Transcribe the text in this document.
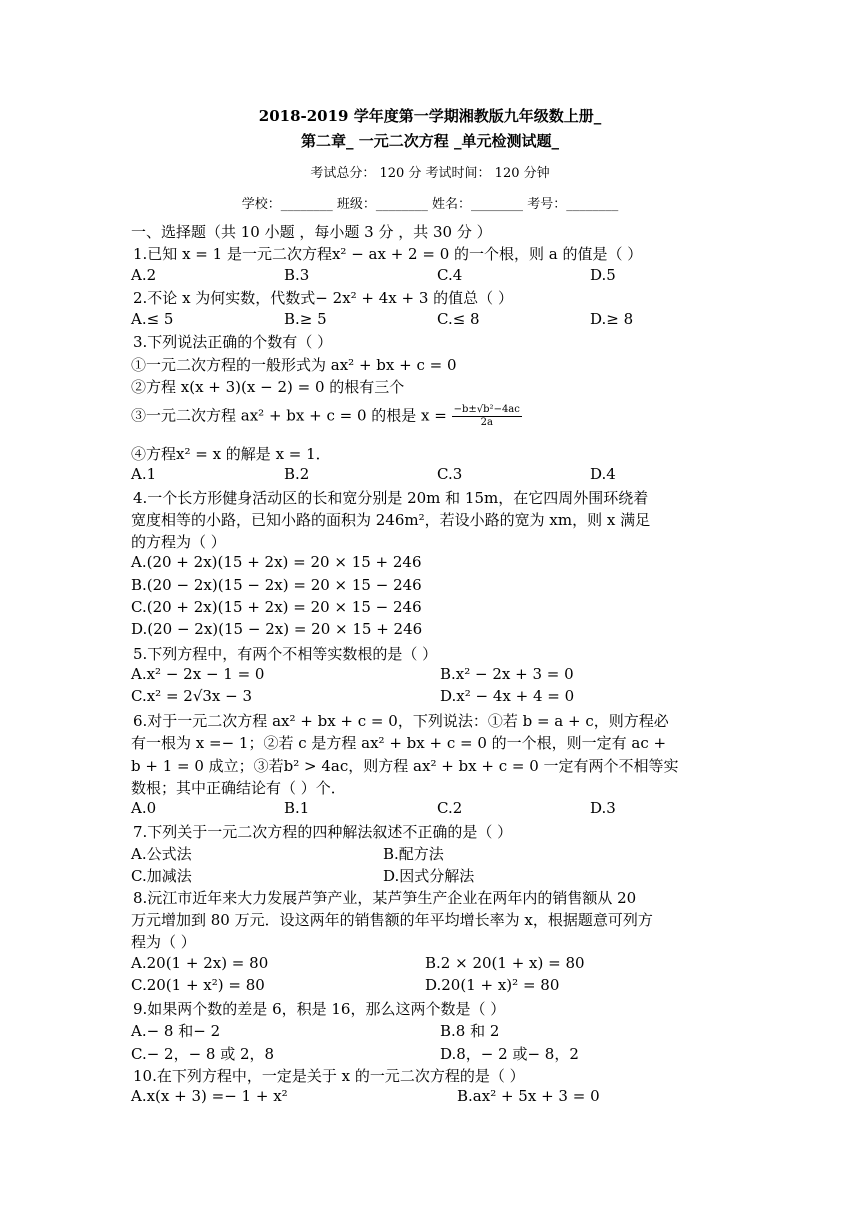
2018-2019 学年度第一学期湘教版九年级数上册_
第二章_ 一元二次方程 _单元检测试题_
考试总分： 120 分 考试时间： 120 分钟
学校：________ 班级：________ 姓名：________ 考号：________
一、选择题（共 10 小题 ，每小题 3 分 ，共 30 分 ）
1.已知 x = 1 是一元二次方程x² − ax + 2 = 0 的一个根，则 a 的值是（ ）
A.2	B.3	C.4	D.5
2.不论 x 为何实数，代数式− 2x² + 4x + 3 的值总（ ）
A.≤ 5	B.≥ 5	C.≤ 8	D.≥ 8
3.下列说法正确的个数有（ ）
①一元二次方程的一般形式为 ax² + bx + c = 0
②方程 x(x + 3)(x − 2) = 0 的根有三个
③一元二次方程 ax² + bx + c = 0 的根是 $x = \frac{\text{−b±√b²−4ac}}{2a}$
④方程x² = x 的解是 x = 1．
A.1	B.2	C.3	D.4
4.一个长方形健身活动区的长和宽分别是 20m 和 15m，在它四周外围环绕着
宽度相等的小路，已知小路的面积为 246m²，若设小路的宽为 xm，则 x 满足
的方程为（ ）
A.(20 + 2x)(15 + 2x) = 20 × 15 + 246
B.(20 − 2x)(15 − 2x) = 20 × 15 − 246
C.(20 + 2x)(15 + 2x) = 20 × 15 − 246
D.(20 − 2x)(15 − 2x) = 20 × 15 + 246
5.下列方程中，有两个不相等实数根的是（ ）
A.x² − 2x − 1 = 0	B.x² − 2x + 3 = 0
C.x² = 2√3x − 3	D.x² − 4x + 4 = 0
6.对于一元二次方程 ax² + bx + c = 0，下列说法：①若 b = a + c，则方程必
有一根为 x =− 1；②若 c 是方程 ax² + bx + c = 0 的一个根，则一定有 ac +
b + 1 = 0 成立；③若b² > 4ac，则方程 ax² + bx + c = 0 一定有两个不相等实
数根；其中正确结论有（ ）个．
A.0	B.1	C.2	D.3
7.下列关于一元二次方程的四种解法叙述不正确的是（ ）
A.公式法	B.配方法
C.加减法	D.因式分解法
8.沅江市近年来大力发展芦笋产业，某芦笋生产企业在两年内的销售额从 20
万元增加到 80 万元．设这两年的销售额的年平均增长率为 x，根据题意可列方
程为（ ）
A.20(1 + 2x) = 80	B.2 × 20(1 + x) = 80
C.20(1 + x²) = 80	D.20(1 + x)² = 80
9.如果两个数的差是 6，积是 16，那么这两个数是（ ）
A.− 8 和− 2	B.8 和 2
C.− 2，− 8 或 2，8	D.8，− 2 或− 8，2
10.在下列方程中，一定是关于 x 的一元二次方程的是（ ）
A.x(x + 3) =− 1 + x²	B.ax² + 5x + 3 = 0
